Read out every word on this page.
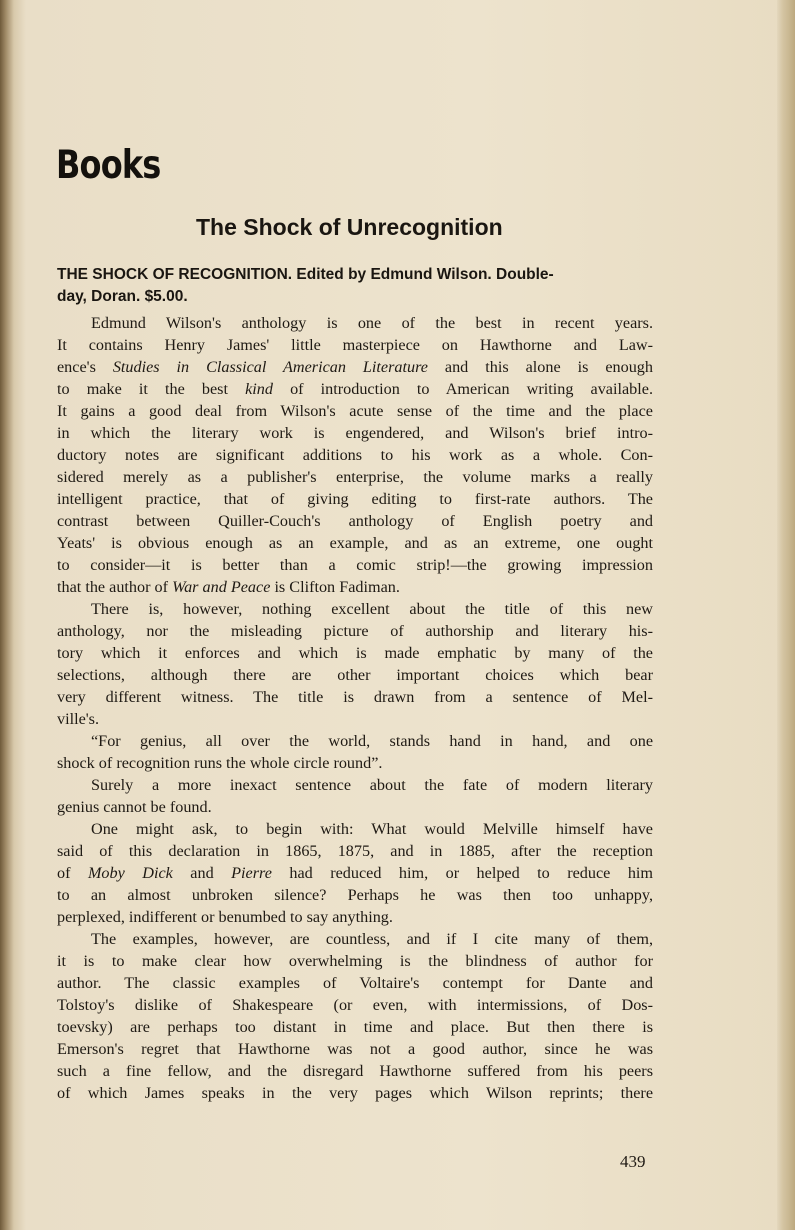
Books
The Shock of Unrecognition
THE SHOCK OF RECOGNITION. Edited by Edmund Wilson. Double-
day, Doran. $5.00.
Edmund Wilson's anthology is one of the best in recent years.
It contains Henry James' little masterpiece on Hawthorne and Law-
ence's Studies in Classical American Literature and this alone is enough
to make it the best kind of introduction to American writing available.
It gains a good deal from Wilson's acute sense of the time and the place
in which the literary work is engendered, and Wilson's brief intro-
ductory notes are significant additions to his work as a whole. Con-
sidered merely as a publisher's enterprise, the volume marks a really
intelligent practice, that of giving editing to first-rate authors. The
contrast between Quiller-Couch's anthology of English poetry and
Yeats' is obvious enough as an example, and as an extreme, one ought
to consider—it is better than a comic strip!—the growing impression
that the author of War and Peace is Clifton Fadiman.
There is, however, nothing excellent about the title of this new
anthology, nor the misleading picture of authorship and literary his-
tory which it enforces and which is made emphatic by many of the
selections, although there are other important choices which bear
very different witness. The title is drawn from a sentence of Mel-
ville's.
“For genius, all over the world, stands hand in hand, and one
shock of recognition runs the whole circle round”.
Surely a more inexact sentence about the fate of modern literary
genius cannot be found.
One might ask, to begin with: What would Melville himself have
said of this declaration in 1865, 1875, and in 1885, after the reception
of Moby Dick and Pierre had reduced him, or helped to reduce him
to an almost unbroken silence? Perhaps he was then too unhappy,
perplexed, indifferent or benumbed to say anything.
The examples, however, are countless, and if I cite many of them,
it is to make clear how overwhelming is the blindness of author for
author. The classic examples of Voltaire's contempt for Dante and
Tolstoy's dislike of Shakespeare (or even, with intermissions, of Dos-
toevsky) are perhaps too distant in time and place. But then there is
Emerson's regret that Hawthorne was not a good author, since he was
such a fine fellow, and the disregard Hawthorne suffered from his peers
of which James speaks in the very pages which Wilson reprints; there
439
